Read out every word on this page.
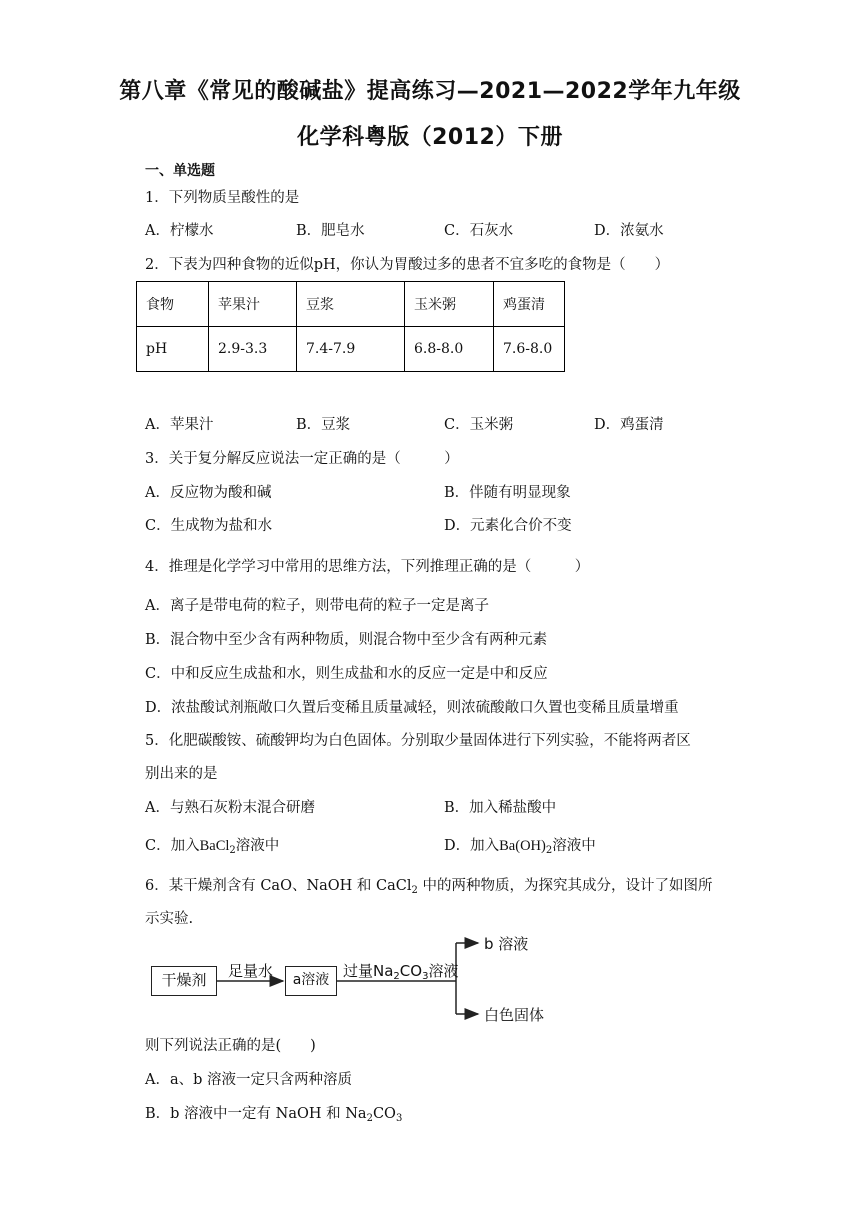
第八章《常见的酸碱盐》提高练习—2021—2022学年九年级
化学科粤版（2012）下册
一、单选题
1．下列物质呈酸性的是
A．柠檬水	B．肥皂水	C．石灰水	D．浓氨水
2．下表为四种食物的近似pH，你认为胃酸过多的患者不宜多吃的食物是（　　）
食物	苹果汁	豆浆	玉米粥	鸡蛋清
pH	2.9-3.3	7.4-7.9	6.8-8.0	7.6-8.0
A．苹果汁	B．豆浆	C．玉米粥	D．鸡蛋清
3．关于复分解反应说法一定正确的是（　　　）
A．反应物为酸和碱	B．伴随有明显现象
C．生成物为盐和水	D．元素化合价不变
4．推理是化学学习中常用的思维方法，下列推理正确的是（　　　）
A．离子是带电荷的粒子，则带电荷的粒子一定是离子
B．混合物中至少含有两种物质，则混合物中至少含有两种元素
C．中和反应生成盐和水，则生成盐和水的反应一定是中和反应
D．浓盐酸试剂瓶敞口久置后变稀且质量减轻，则浓硫酸敞口久置也变稀且质量增重
5．化肥碳酸铵、硫酸钾均为白色固体。分别取少量固体进行下列实验，不能将两者区
别出来的是
A．与熟石灰粉末混合研磨	B．加入稀盐酸中
C．加入BaCl$_2$溶液中	D．加入$Ba(OH)_2$溶液中
6．某干燥剂含有 CaO、NaOH 和 CaCl$_2$ 中的两种物质，为探究其成分，设计了如图所
示实验.
干燥剂	足量水	a溶液 过量$Na_2CO_3$溶液
b 溶液
白色固体
则下列说法正确的是(　　)
A．a、b 溶液一定只含两种溶质
B．b 溶液中一定有 NaOH 和 $Na_2CO_3$
